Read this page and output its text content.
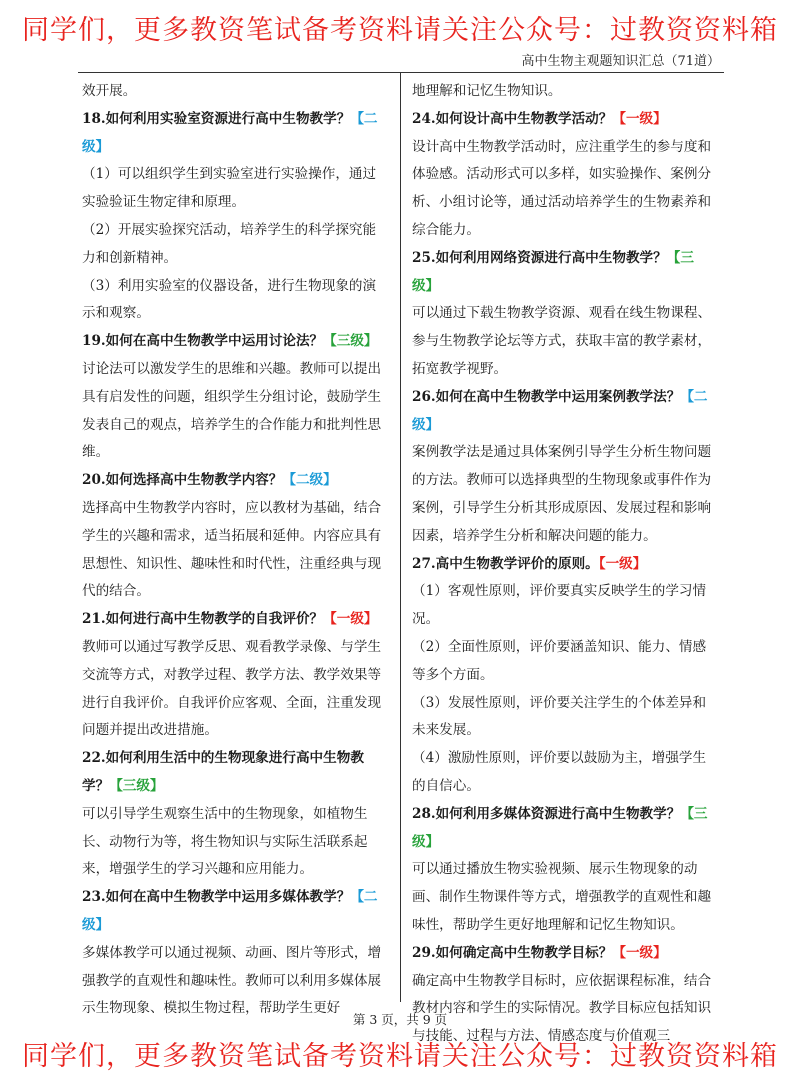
同学们，更多教资笔试备考资料请关注公众号：过教资资料箱
高中生物主观题知识汇总（71道）

效开展。

18.如何利用实验室资源进行高中生物教学？【二级】

（1）可以组织学生到实验室进行实验操作，通过实验验证生物定律和原理。

（2）开展实验探究活动，培养学生的科学探究能力和创新精神。

（3）利用实验室的仪器设备，进行生物现象的演示和观察。

19.如何在高中生物教学中运用讨论法？【三级】

讨论法可以激发学生的思维和兴趣。教师可以提出具有启发性的问题，组织学生分组讨论，鼓励学生发表自己的观点，培养学生的合作能力和批判性思维。

20.如何选择高中生物教学内容？【二级】

选择高中生物教学内容时，应以教材为基础，结合学生的兴趣和需求，适当拓展和延伸。内容应具有思想性、知识性、趣味性和时代性，注重经典与现代的结合。

21.如何进行高中生物教学的自我评价？【一级】

教师可以通过写教学反思、观看教学录像、与学生交流等方式，对教学过程、教学方法、教学效果等进行自我评价。自我评价应客观、全面，注重发现问题并提出改进措施。

22.如何利用生活中的生物现象进行高中生物教学？【三级】

可以引导学生观察生活中的生物现象，如植物生长、动物行为等，将生物知识与实际生活联系起来，增强学生的学习兴趣和应用能力。

23.如何在高中生物教学中运用多媒体教学？【二级】

多媒体教学可以通过视频、动画、图片等形式，增强教学的直观性和趣味性。教师可以利用多媒体展示生物现象、模拟生物过程，帮助学生更好

地理解和记忆生物知识。

24.如何设计高中生物教学活动？【一级】

设计高中生物教学活动时，应注重学生的参与度和体验感。活动形式可以多样，如实验操作、案例分析、小组讨论等，通过活动培养学生的生物素养和综合能力。

25.如何利用网络资源进行高中生物教学？【三级】

可以通过下载生物教学资源、观看在线生物课程、参与生物教学论坛等方式，获取丰富的教学素材，拓宽教学视野。

26.如何在高中生物教学中运用案例教学法？【二级】

案例教学法是通过具体案例引导学生分析生物问题的方法。教师可以选择典型的生物现象或事件作为案例，引导学生分析其形成原因、发展过程和影响因素，培养学生分析和解决问题的能力。

27.高中生物教学评价的原则。【一级】

（1）客观性原则，评价要真实反映学生的学习情况。

（2）全面性原则，评价要涵盖知识、能力、情感等多个方面。

（3）发展性原则，评价要关注学生的个体差异和未来发展。

（4）激励性原则，评价要以鼓励为主，增强学生的自信心。

28.如何利用多媒体资源进行高中生物教学？【三级】

可以通过播放生物实验视频、展示生物现象的动画、制作生物课件等方式，增强教学的直观性和趣味性，帮助学生更好地理解和记忆生物知识。

29.如何确定高中生物教学目标？【一级】

确定高中生物教学目标时，应依据课程标准，结合教材内容和学生的实际情况。教学目标应包括知识与技能、过程与方法、情感态度与价值观三

第 3 页，共 9 页
同学们，更多教资笔试备考资料请关注公众号：过教资资料箱
